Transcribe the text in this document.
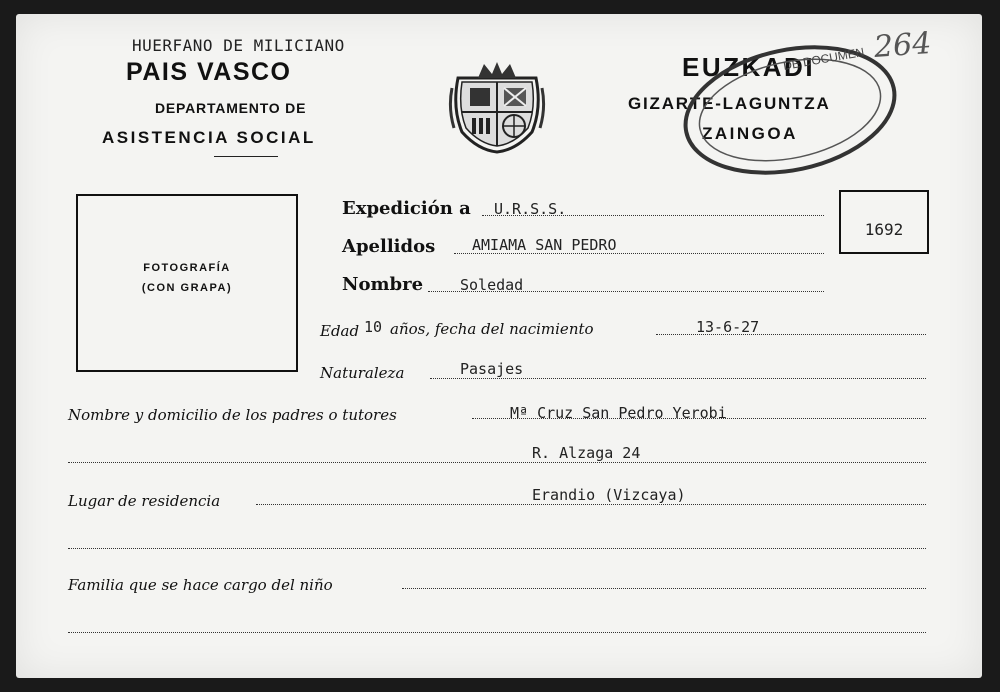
HUERFANO DE MILICIANO
PAIS VASCO
DEPARTAMENTO DE
ASISTENCIA SOCIAL
EUZKADI
GIZARTE-LAGUNTZA
ZAINGOA
264
DE DOCUMEN
FOTOGRAFÍA
(CON GRAPA)
1692
Expedición a U.R.S.S.
Apellidos AMIAMA SAN PEDRO
Nombre Soledad
Edad 10 años, fecha del nacimiento	13-6-27
Naturaleza	Pasajes
Nombre y domicilio de los padres o tutores	Mª Cruz San Pedro Yerobi
R. Alzaga 24
Lugar de residencia	Erandio (Vizcaya)
Familia que se hace cargo del niño
